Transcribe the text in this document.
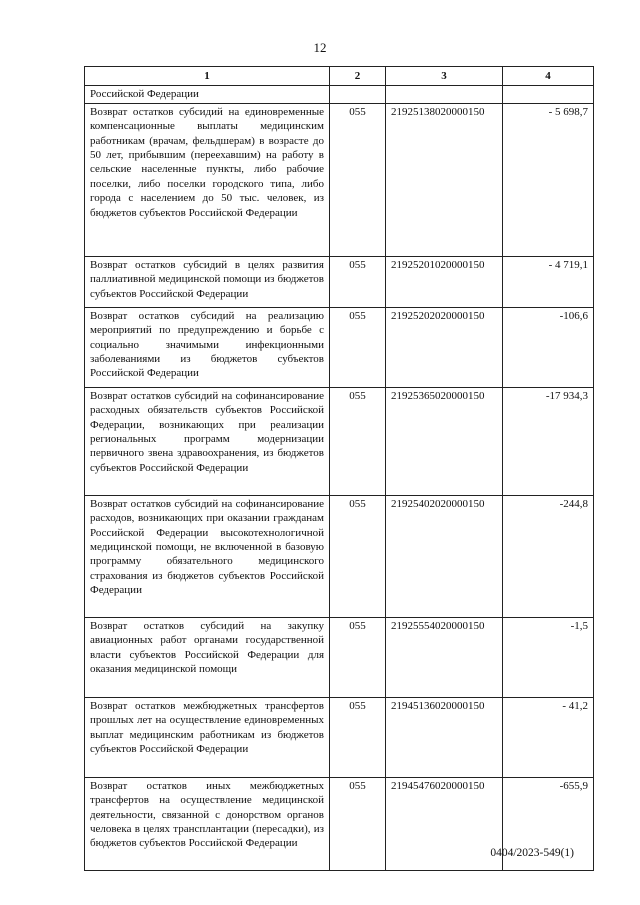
12
1	2	3	4
Российской Федерации			
Возврат остатков субсидий на единовременные компенсационные выплаты медицинским работникам (врачам, фельдшерам) в возрасте до 50 лет, прибывшим (переехавшим) на работу в сельские населенные пункты, либо рабочие поселки, либо поселки городского типа, либо города с населением до 50 тыс. человек, из бюджетов субъектов Российской Федерации	055	21925138020000150	- 5 698,7
Возврат остатков субсидий в целях развития паллиативной медицинской помощи из бюджетов субъектов Российской Федерации	055	21925201020000150	- 4 719,1
Возврат остатков субсидий на реализацию мероприятий по предупреждению и борьбе с социально значимыми инфекционными заболеваниями из бюджетов субъектов Российской Федерации	055	21925202020000150	-106,6
Возврат остатков субсидий на софинансирование расходных обязательств субъектов Российской Федерации, возникающих при реализации региональных программ модернизации первичного звена здравоохранения, из бюджетов субъектов Российской Федерации	055	21925365020000150	-17 934,3
Возврат остатков субсидий на софинансирование расходов, возникающих при оказании гражданам Российской Федерации высокотехнологичной медицинской помощи, не включенной в базовую программу обязательного медицинского страхования из бюджетов субъектов Российской Федерации	055	21925402020000150	-244,8
Возврат остатков субсидий на закупку авиационных работ органами государственной власти субъектов Российской Федерации для оказания медицинской помощи	055	21925554020000150	-1,5
Возврат остатков межбюджетных трансфертов прошлых лет на осуществление единовременных выплат медицинским работникам из бюджетов субъектов Российской Федерации	055	21945136020000150	- 41,2
Возврат остатков иных межбюджетных трансфертов на осуществление медицинской деятельности, связанной с донорством органов человека в целях трансплантации (пересадки), из бюджетов субъектов Российской Федерации	055	21945476020000150	-655,9
0404/2023-549(1)
